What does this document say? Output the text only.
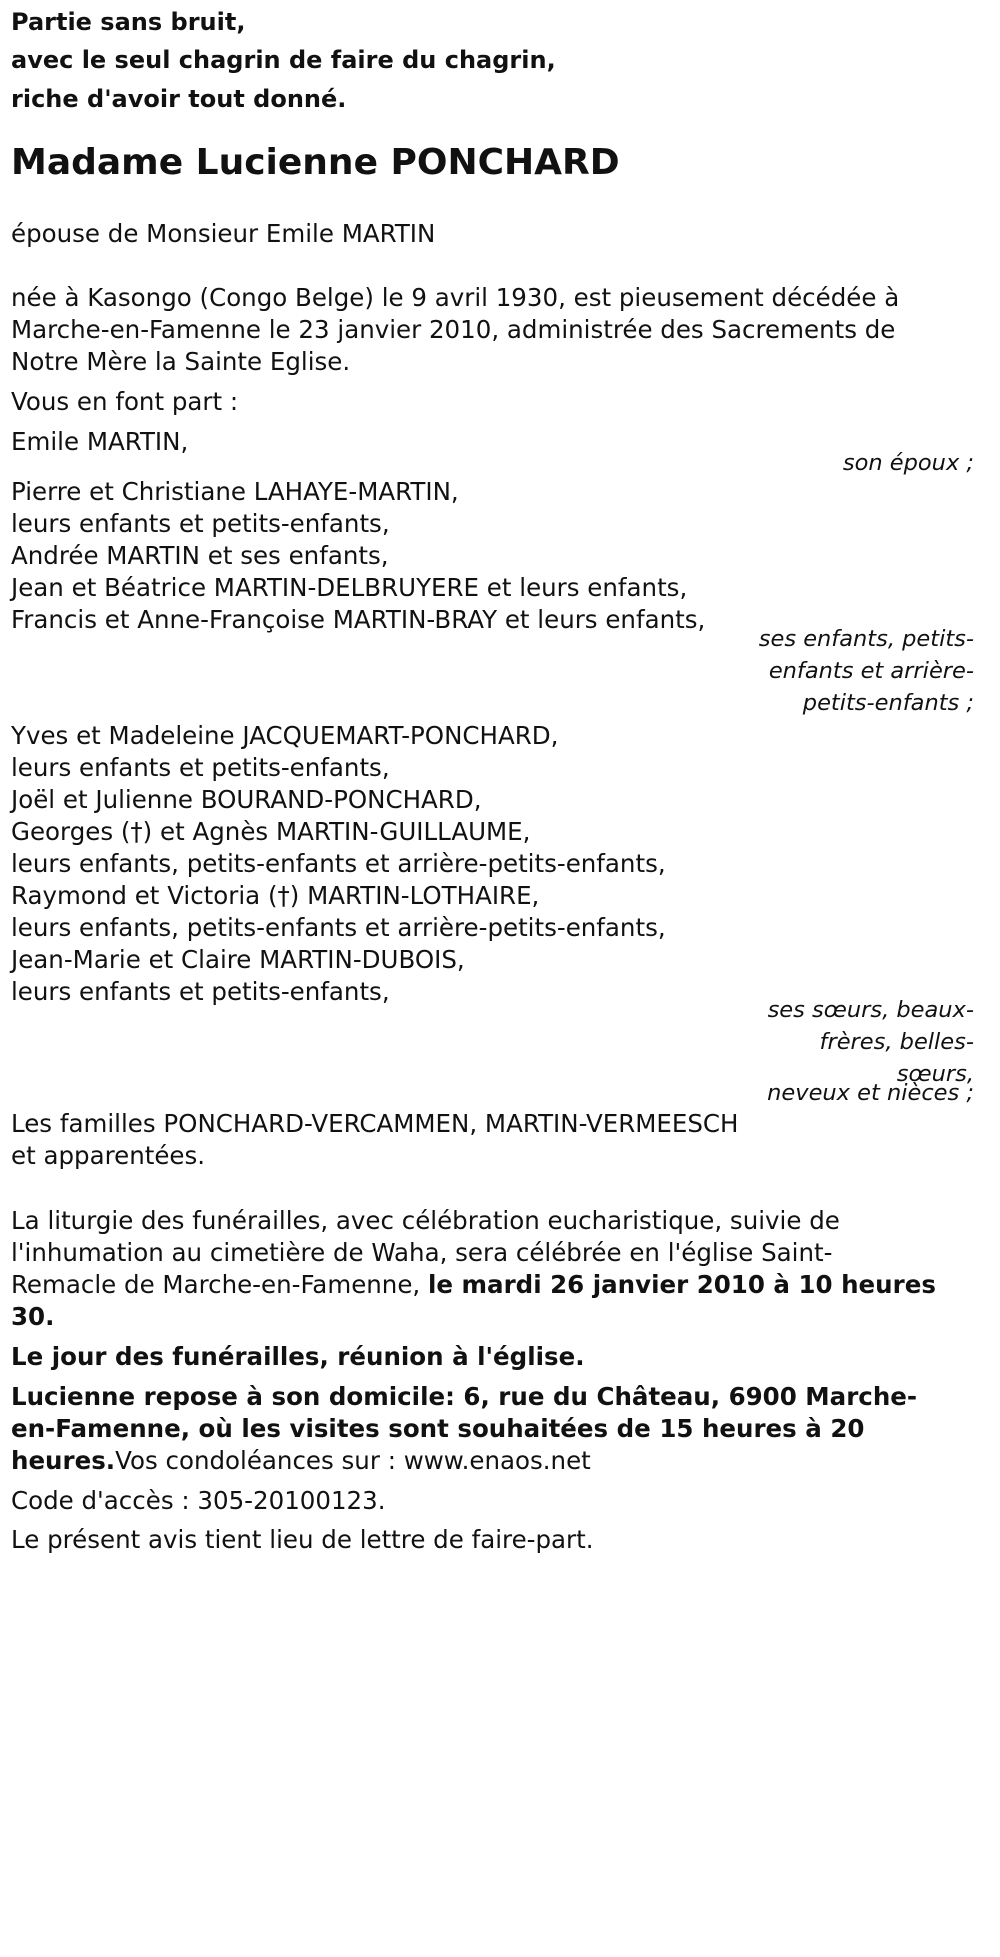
Partie sans bruit,
avec le seul chagrin de faire du chagrin,
riche d'avoir tout donné.
Madame Lucienne PONCHARD
épouse de Monsieur Emile MARTIN
née à Kasongo (Congo Belge) le 9 avril 1930, est pieusement décédée à
Marche-en-Famenne le 23 janvier 2010, administrée des Sacrements de
Notre Mère la Sainte Eglise.
Vous en font part :
Emile MARTIN,
son époux ;
Pierre et Christiane LAHAYE-MARTIN,
leurs enfants et petits-enfants,
Andrée MARTIN et ses enfants,
Jean et Béatrice MARTIN-DELBRUYERE et leurs enfants,
Francis et Anne-Françoise MARTIN-BRAY et leurs enfants,
ses enfants, petits-
enfants et arrière-
petits-enfants ;
Yves et Madeleine JACQUEMART-PONCHARD,
leurs enfants et petits-enfants,
Joël et Julienne BOURAND-PONCHARD,
Georges (†) et Agnès MARTIN-GUILLAUME,
leurs enfants, petits-enfants et arrière-petits-enfants,
Raymond et Victoria (†) MARTIN-LOTHAIRE,
leurs enfants, petits-enfants et arrière-petits-enfants,
Jean-Marie et Claire MARTIN-DUBOIS,
leurs enfants et petits-enfants,
ses sœurs, beaux-
frères, belles-
sœurs,
neveux et nièces ;
Les familles PONCHARD-VERCAMMEN, MARTIN-VERMEESCH
et apparentées.
La liturgie des funérailles, avec célébration eucharistique, suivie de
l'inhumation au cimetière de Waha, sera célébrée en l'église Saint-
Remacle de Marche-en-Famenne, le mardi 26 janvier 2010 à 10 heures
30.
Le jour des funérailles, réunion à l'église.
Lucienne repose à son domicile: 6, rue du Château, 6900 Marche-
en-Famenne, où les visites sont souhaitées de 15 heures à 20
heures.Vos condoléances sur : www.enaos.net
Code d'accès : 305-20100123.
Le présent avis tient lieu de lettre de faire-part.
